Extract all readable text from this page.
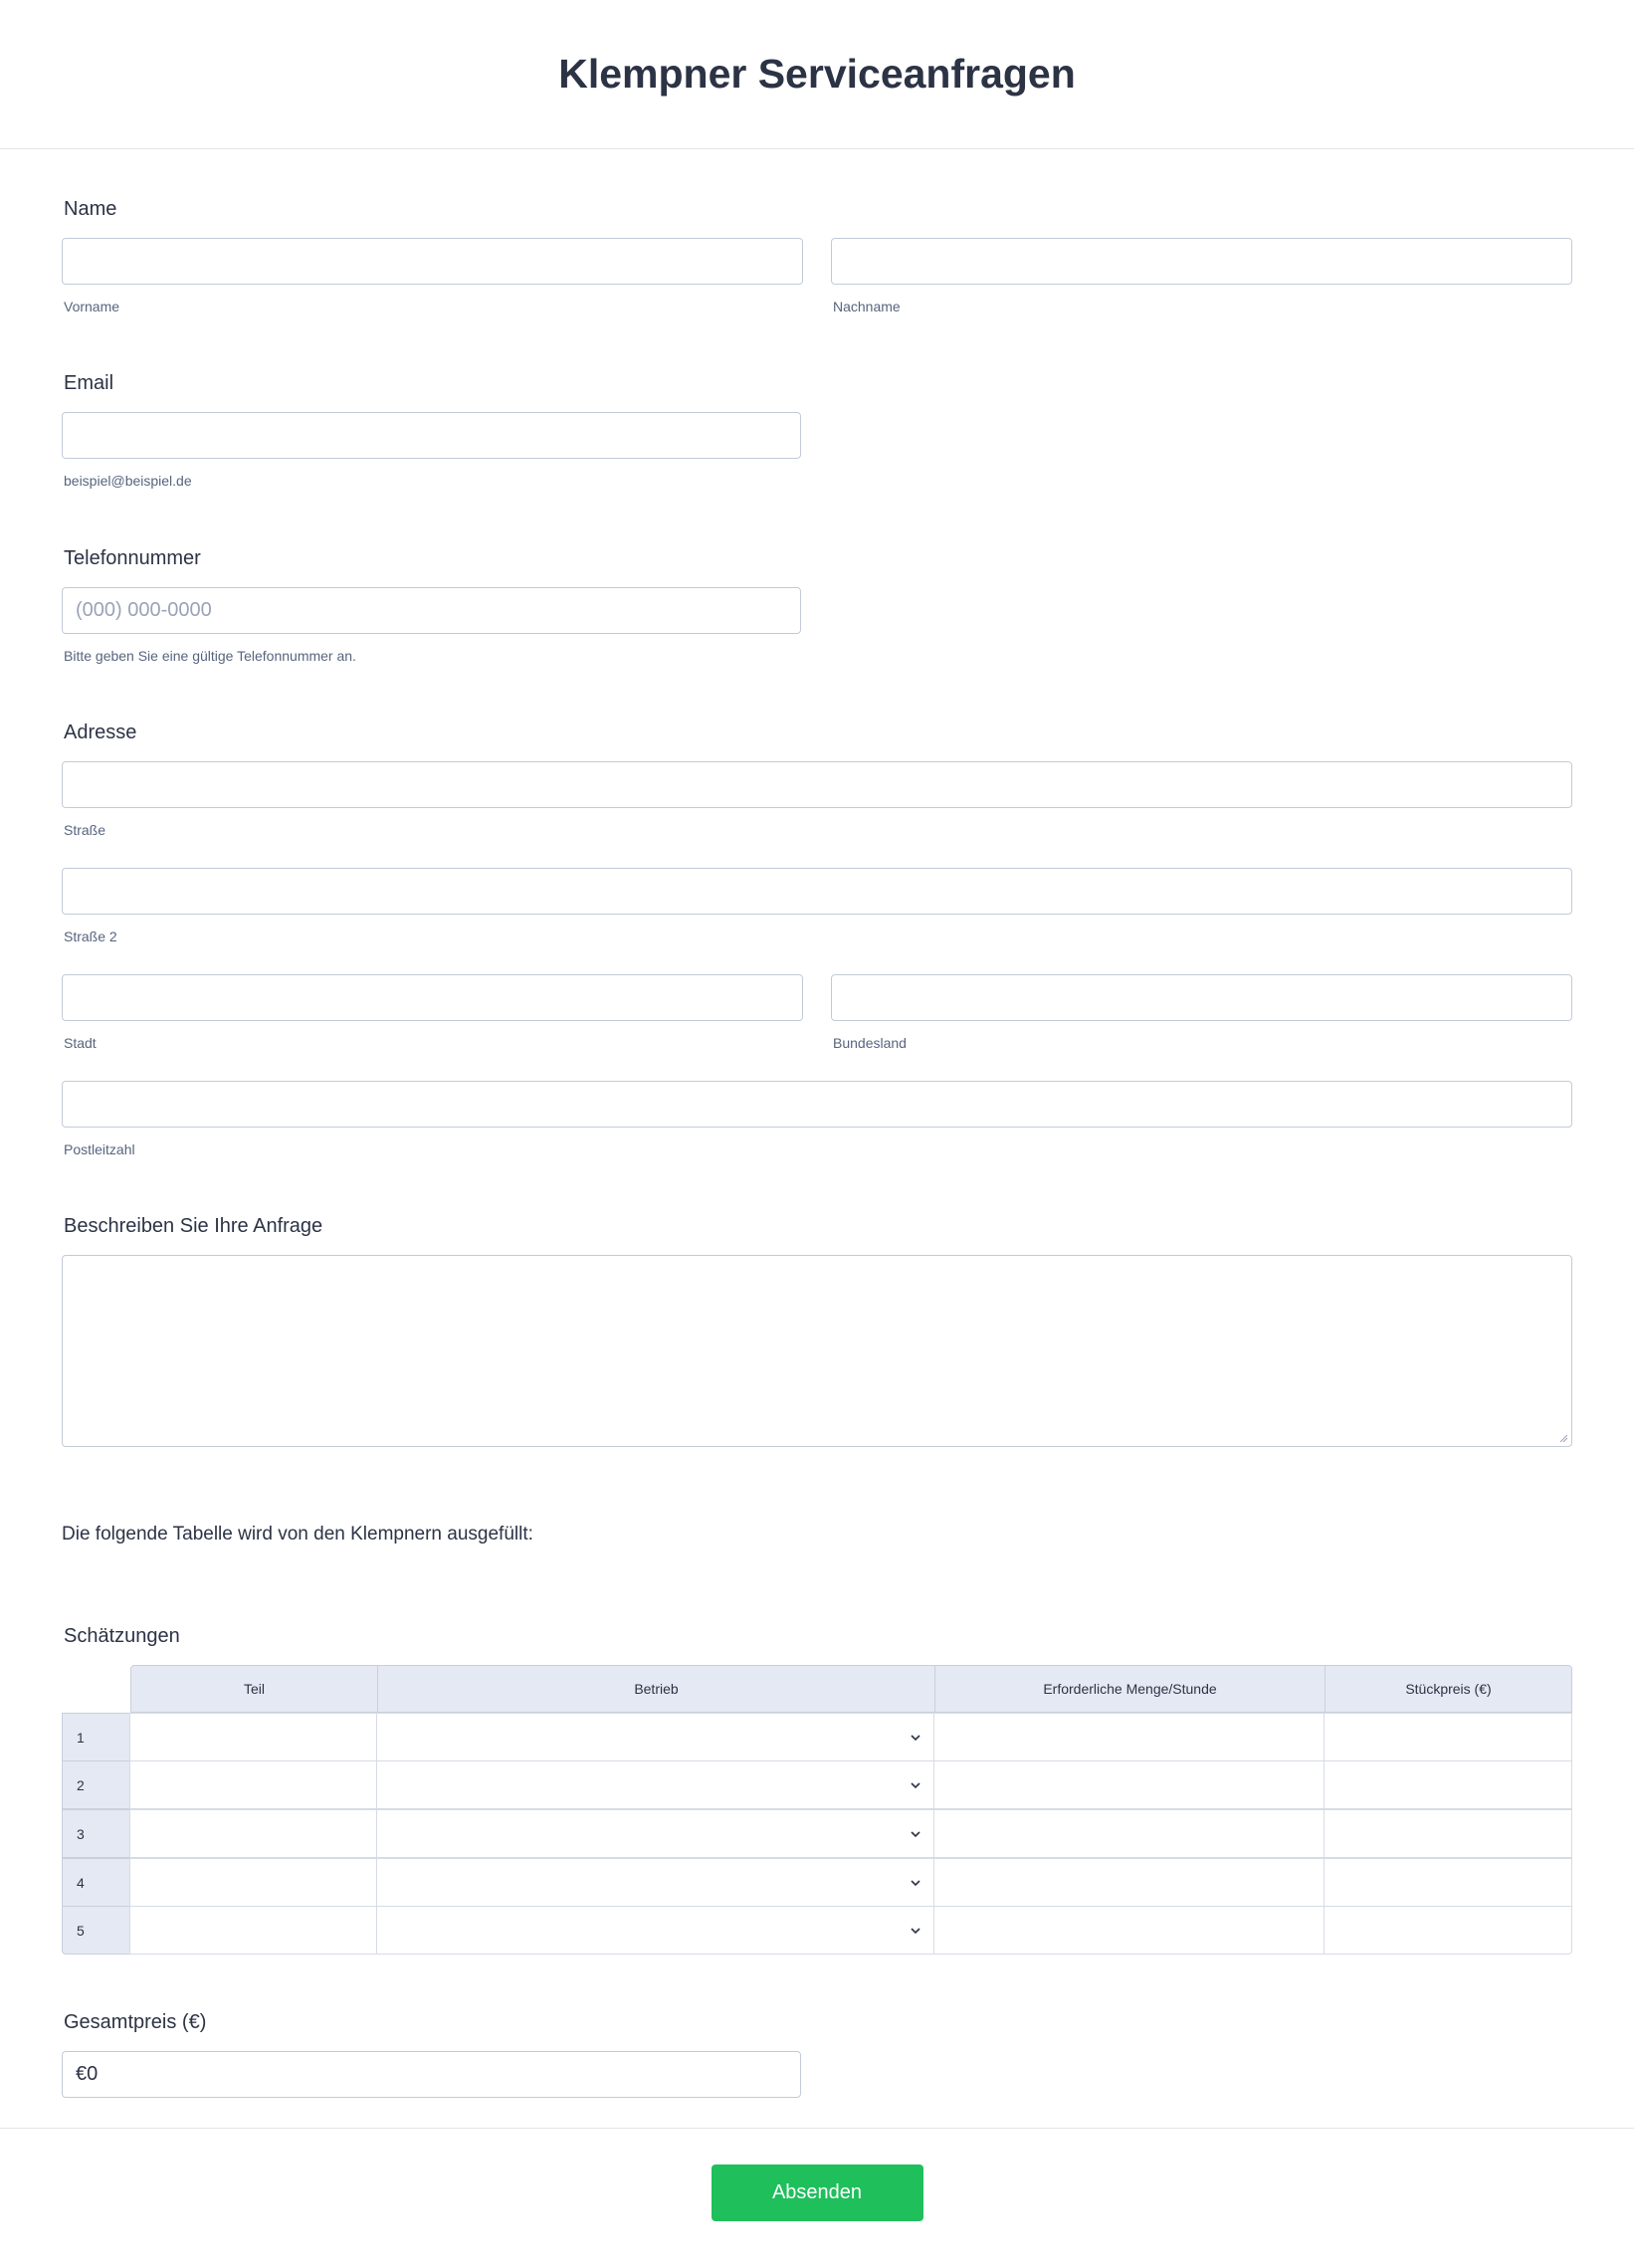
Klempner Serviceanfragen
Name
Vorname	Nachname
Email
beispiel@beispiel.de
Telefonnummer
(000) 000-0000
Bitte geben Sie eine gültige Telefonnummer an.
Adresse
Straße
Straße 2
Stadt	Bundesland
Postleitzahl
Beschreiben Sie Ihre Anfrage
Die folgende Tabelle wird von den Klempnern ausgefüllt:
Schätzungen
Teil	Betrieb	Erforderliche Menge/Stunde	Stückpreis (€)
1
2
3
4
5
Gesamtpreis (€)
€0
Absenden
